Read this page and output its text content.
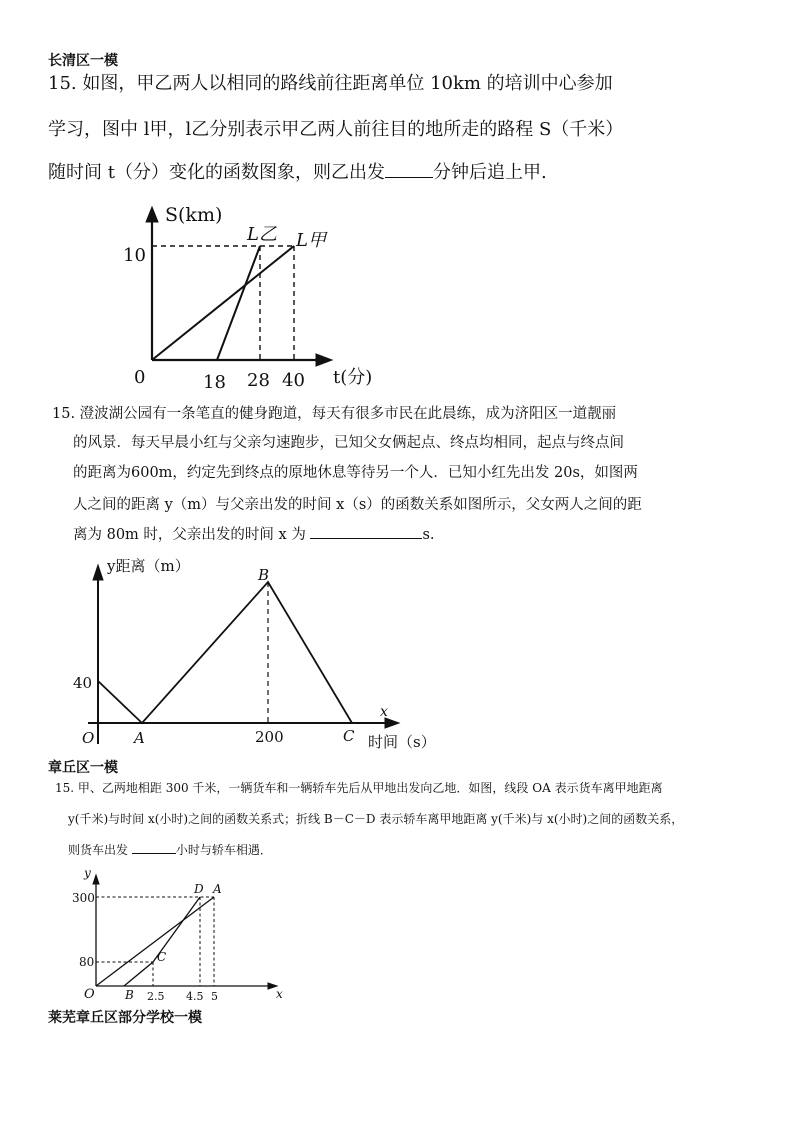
长清区一模
15. 如图，甲乙两人以相同的路线前往距离单位 10km 的培训中心参加
学习，图中 l甲，l乙分别表示甲乙两人前往目的地所走的路程 S（千米）
随时间 t（分）变化的函数图象，则乙出发	分钟后追上甲.
S(km)
10
0	18 28 40 t(分)
L乙 L甲
y距离（m）
40
O	A
B
200	C
x
时间（s）
y
300
80
O	B
C
D A
2.5 4.5 5	x
15. 澄波湖公园有一条笔直的健身跑道，每天有很多市民在此晨练，成为济阳区一道靓丽
的风景．每天早晨小红与父亲匀速跑步，已知父女俩起点、终点均相同，起点与终点间
的距离为600m，约定先到终点的原地休息等待另一个人．已知小红先出发 20s，如图两
人之间的距离 y（m）与父亲出发的时间 x（s）的函数关系如图所示，父女两人之间的距
离为 80m 时，父亲出发的时间 x 为	s.
章丘区一模
15. 甲、乙两地相距 300 千米，一辆货车和一辆轿车先后从甲地出发向乙地．如图，线段 OA 表示货车离甲地距离
y(千米)与时间 x(小时)之间的函数关系式；折线 B－C－D 表示轿车离甲地距离 y(千米)与 x(小时)之间的函数关系，
则货车出发	小时与轿车相遇．
莱芜章丘区部分学校一模
